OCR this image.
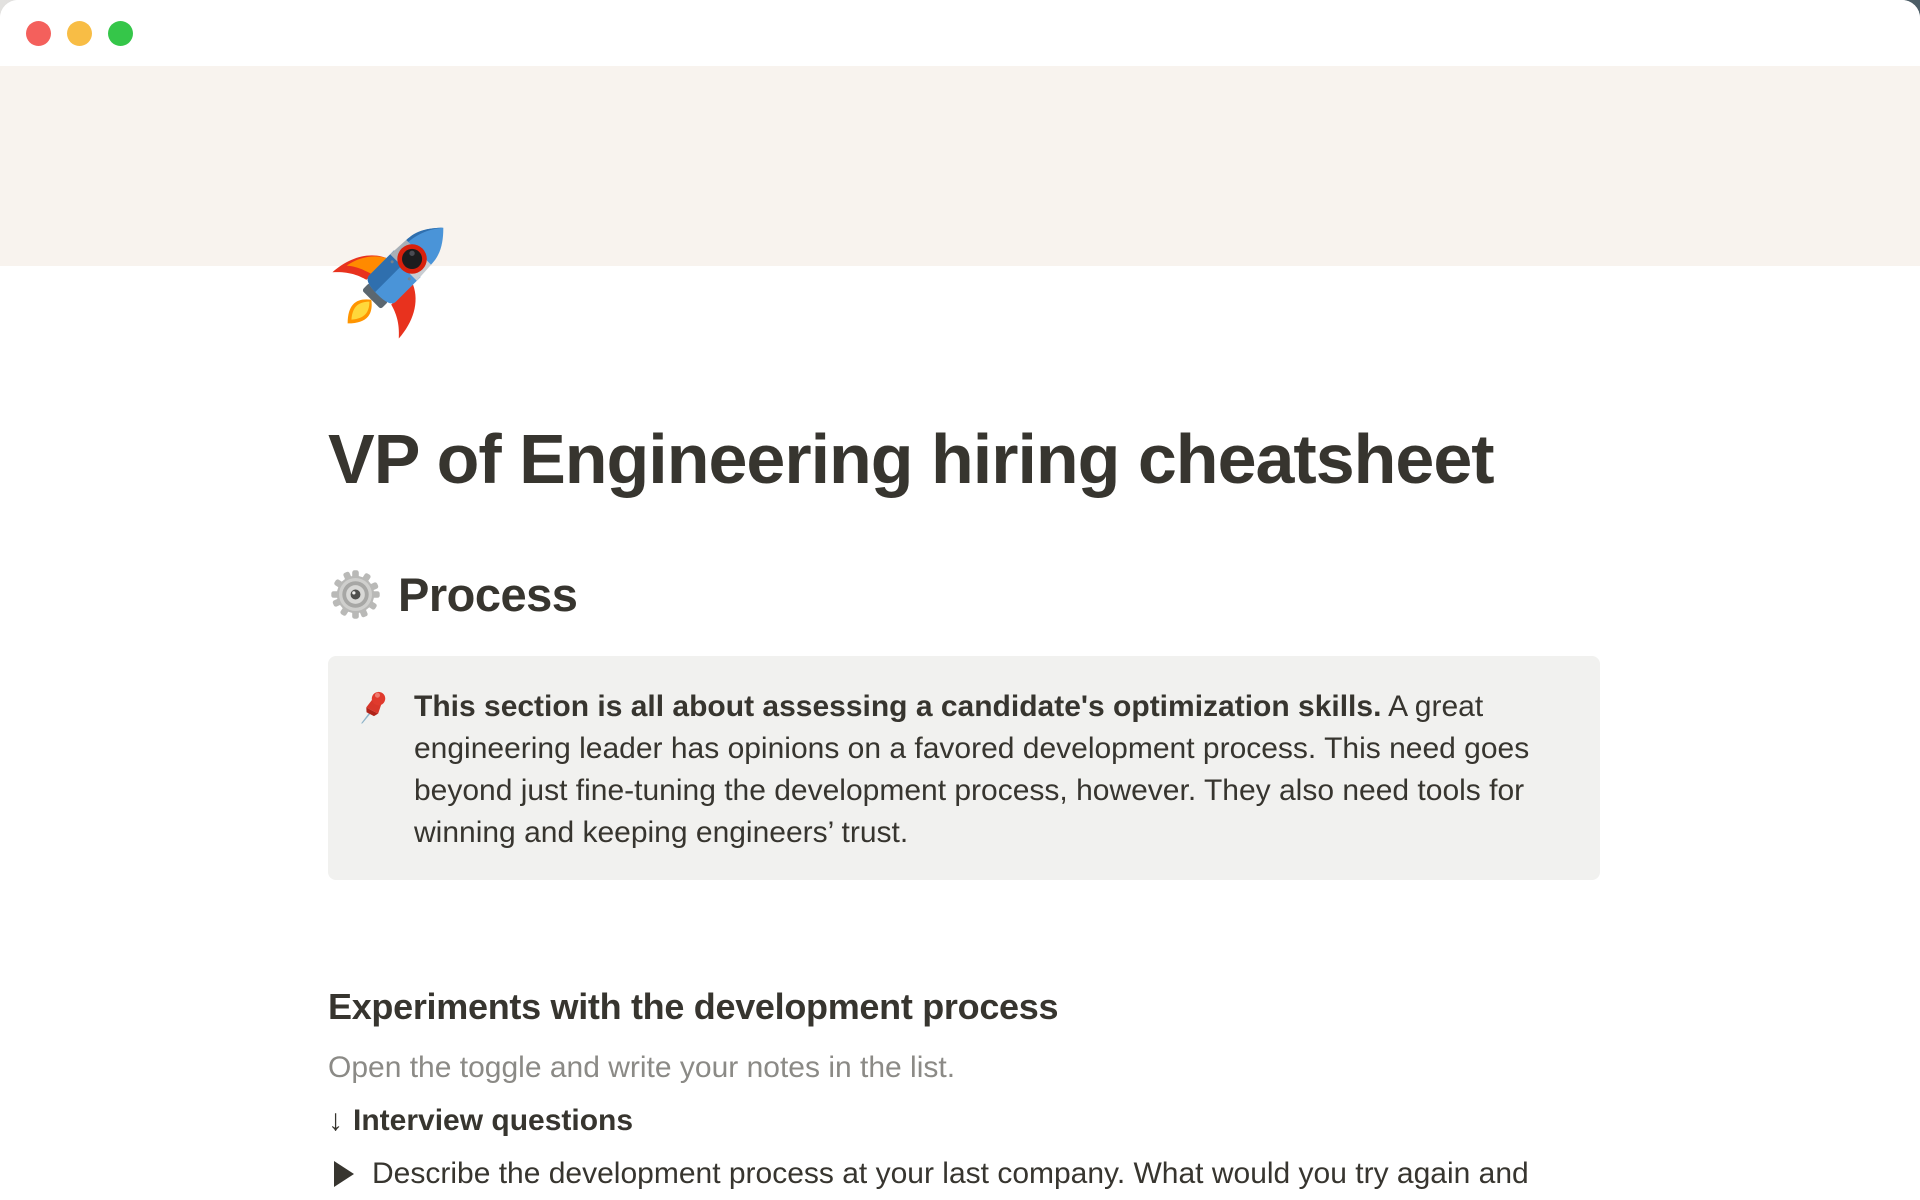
VP of Engineering hiring cheatsheet
Process
This section is all about assessing a candidate's optimization skills. A great engineering leader has opinions on a favored development process. This need goes beyond just fine-tuning the development process, however. They also need tools for winning and keeping engineers’ trust.
Experiments with the development process

Open the toggle and write your notes in the list.

↓ Interview questions
Describe the development process at your last company. What would you try again and
